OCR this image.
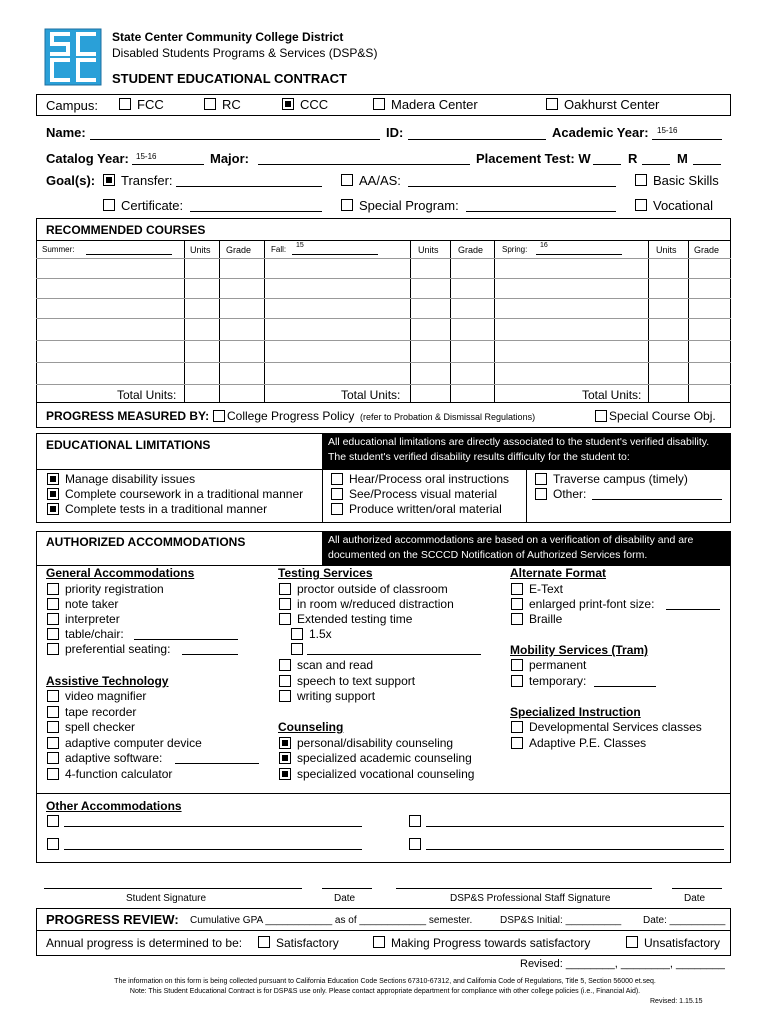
State Center Community College District
Disabled Students Programs & Services (DSP&S)
STUDENT EDUCATIONAL CONTRACT
Campus:	FCC	RC	CCC	Madera Center	Oakhurst Center
Name:	ID:	Academic Year: 15-16
Catalog Year: 15-16	Major:	Placement Test: W	R	M
Goal(s): Transfer:	AA/AS:	Basic Skills
Certificate:	Special Program:	Vocational
RECOMMENDED COURSES
Summer:	Units Grade Fall: 15	Units Grade Spring: 16	Units Grade
Total Units:	Total Units:	Total Units:
PROGRESS MEASURED BY: College Progress Policy (refer to Probation & Dismissal Regulations)	Special Course Obj.
EDUCATIONAL LIMITATIONS	All educational limitations are directly associated to the student's verified disability. The student's verified disability results difficulty for the student to:
Manage disability issues
Complete coursework in a traditional manner
Complete tests in a traditional manner
Hear/Process oral instructions
See/Process visual material
Produce written/oral material
Traverse campus (timely)
Other:
AUTHORIZED ACCOMMODATIONS	All authorized accommodations are based on a verification of disability and are documented on the SCCCD Notification of Authorized Services form.
General Accommodations
priority registration
note taker
interpreter
table/chair:
preferential seating:
Assistive Technology
video magnifier
tape recorder
spell checker
adaptive computer device
adaptive software:
4-function calculator
Testing Services
proctor outside of classroom
in room w/reduced distraction
Extended testing time
1.5x
scan and read
speech to text support
writing support
Counseling
personal/disability counseling
specialized academic counseling
specialized vocational counseling
Alternate Format
E-Text
enlarged print-font size:
Braille
Mobility Services (Tram)
permanent
temporary:
Specialized Instruction
Developmental Services classes
Adaptive P.E. Classes
Other Accommodations
Student Signature	Date	DSP&S Professional Staff Signature	Date
PROGRESS REVIEW: Cumulative GPA ____________ as of ____________ semester.	DSP&S Initial: __________ Date: __________
Annual progress is determined to be:	Satisfactory	Making Progress towards satisfactory	Unsatisfactory
Revised: ________, ________, ________
The information on this form is being collected pursuant to California Education Code Sections 67310-67312, and California Code of Regulations, Title 5, Section 56000 et.seq.
Note: This Student Educational Contract is for DSP&S use only. Please contact appropriate department for compliance with other college policies (i.e., Financial Aid).
Revised: 1.15.15
